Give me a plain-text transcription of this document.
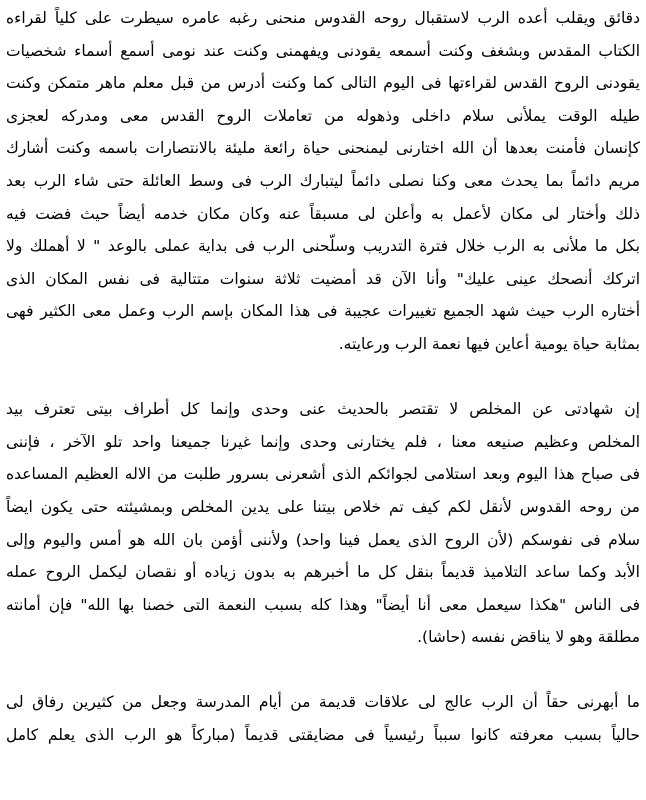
دقائق ويقلب أعده الرب لاستقبال روحه القدوس منحنى رغبه عامره سيطرت على كلياً لقراءه
الكتاب المقدس وبشغف وكنت أسمعه يقودنى ويفهمنى وكنت عند نومى أسمع أسماء شخصيات
يقودنى الروح القدس لقراءتها فى اليوم التالى كما وكنت أدرس من قبل معلم ماهر متمكن وكنت
طيله الوقت يملأنى سلام داخلى وذهوله من تعاملات الروح القدس معى ومدركه لعجزى
كإنسان فأمنت بعدها أن الله اختارنى ليمنحنى حياة رائعة مليئة بالانتصارات باسمه وكنت أشارك
مريم دائماً بما يحدث معى وكنا نصلى دائماً ليتبارك الرب فى وسط العائلة حتى شاء الرب بعد
ذلك وأختار لى مكان لأعمل به وأعلن لى مسبقاً عنه وكان مكان خدمه أيضاً حيث فضت فيه
بكل ما ملأنى به الرب خلال فترة التدريب وسلّحنى الرب فى بداية عملى بالوعد " لا أهملك ولا
اتركك أنصحك عينى عليك" وأنا الآن قد أمضيت ثلاثة سنوات متتالية فى نفس المكان الذى
أختاره الرب حيث شهد الجميع تغييرات عجيبة فى هذا المكان بإسم الرب وعمل معى الكثير فهى
بمثابة حياة يومية أعاين فيها نعمة الرب ورعايته.
إن شهادتى عن المخلص لا تقتصر بالحديث عنى وحدى وإنما كل أطراف بيتى تعترف بيد
المخلص وعظيم صنيعه معنا ، فلم يختارنى وحدى وإنما غيرنا جميعنا واحد تلو الآخر ، فإننى
فى صباح هذا اليوم وبعد استلامى لجوائكم الذى أشعرنى بسرور طلبت من الاله العظيم المساعده
من روحه القدوس لأنقل لكم كيف تم خلاص بيتنا على يدين المخلص وبمشيئته حتى يكون ايضاً
سلام فى نفوسكم (لأن الروح الذى يعمل فينا واحد) ولأننى أؤمن بان الله هو أمس واليوم وإلى
الأبد وكما ساعد التلاميذ قديماً بنقل كل ما أخبرهم به بدون زياده أو نقصان ليكمل الروح عمله
فى الناس "هكذا سيعمل معى أنا أيضاً" وهذا كله بسبب النعمة التى خصنا بها الله" فإن أمانته
مطلقة وهو لا يناقض نفسه (حاشا).
ما أبهرنى حقاً أن الرب عالج لى علاقات قديمة من أيام المدرسة وجعل من كثيرين رفاق لى
حالياً بسبب معرفته كانوا سبباً رئيسياً فى مضايقتى قديماً (مباركاً هو الرب الذى يعلم كامل
